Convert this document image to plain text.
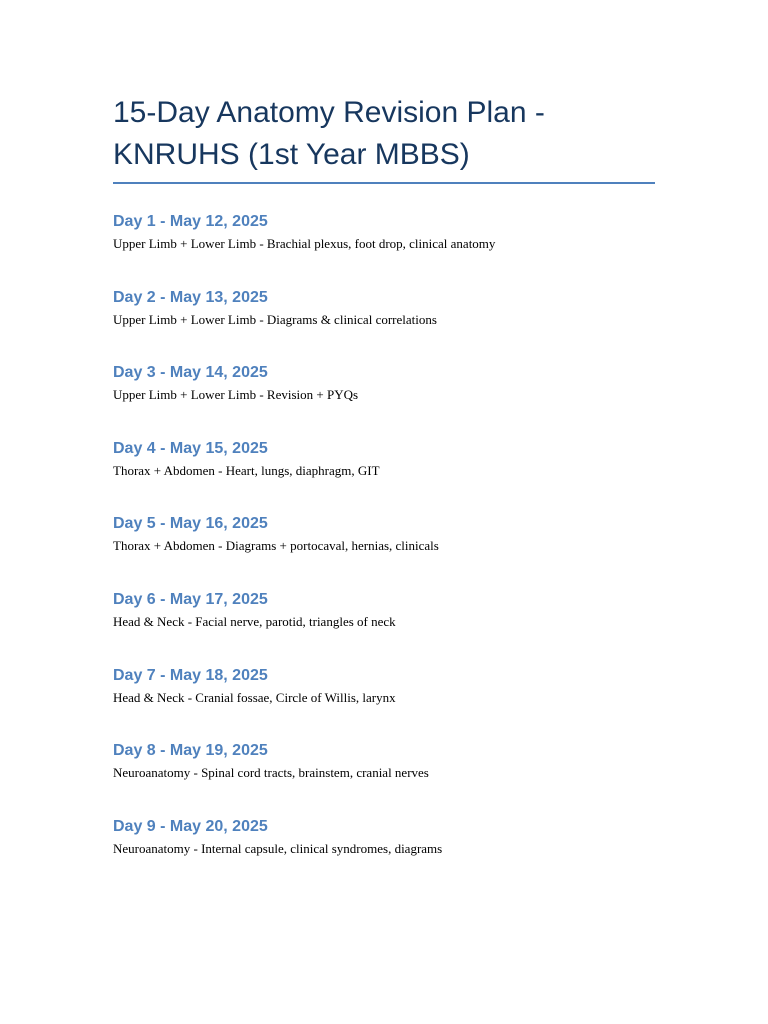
15-Day Anatomy Revision Plan - KNRUHS (1st Year MBBS)
Day 1 - May 12, 2025

Upper Limb + Lower Limb - Brachial plexus, foot drop, clinical anatomy

Day 2 - May 13, 2025

Upper Limb + Lower Limb - Diagrams & clinical correlations

Day 3 - May 14, 2025

Upper Limb + Lower Limb - Revision + PYQs

Day 4 - May 15, 2025

Thorax + Abdomen - Heart, lungs, diaphragm, GIT

Day 5 - May 16, 2025

Thorax + Abdomen - Diagrams + portocaval, hernias, clinicals

Day 6 - May 17, 2025

Head & Neck - Facial nerve, parotid, triangles of neck

Day 7 - May 18, 2025

Head & Neck - Cranial fossae, Circle of Willis, larynx

Day 8 - May 19, 2025

Neuroanatomy - Spinal cord tracts, brainstem, cranial nerves

Day 9 - May 20, 2025

Neuroanatomy - Internal capsule, clinical syndromes, diagrams
